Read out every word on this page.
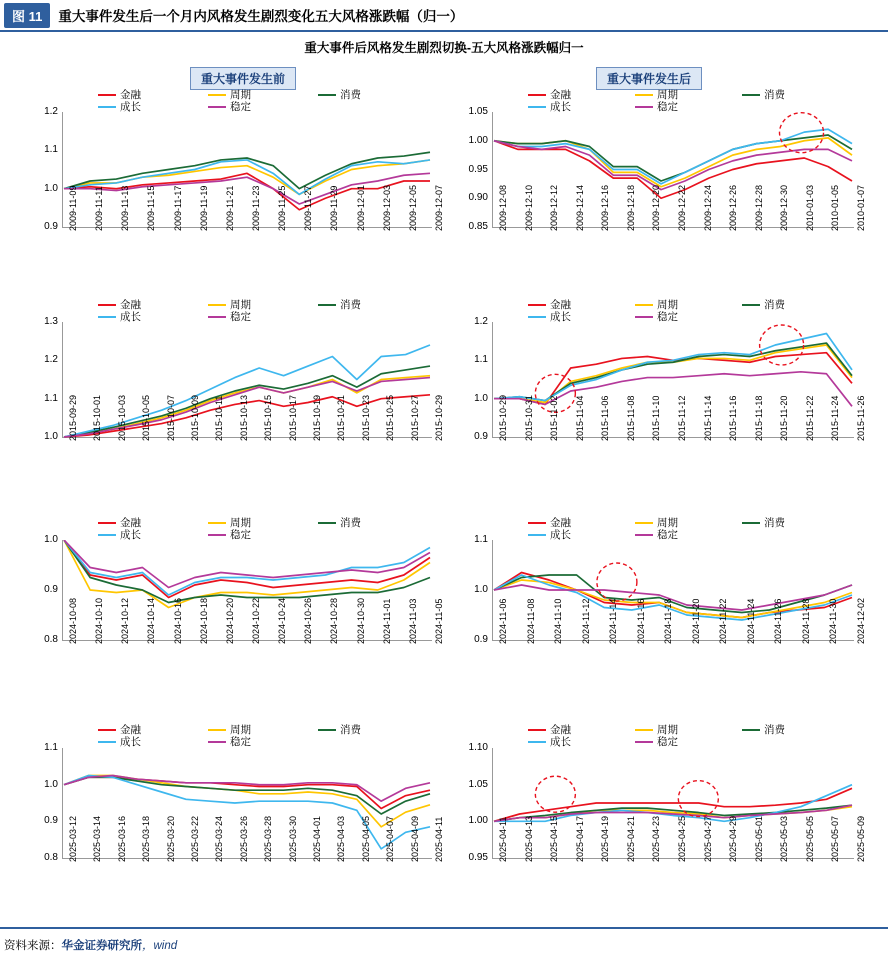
图 11	重大事件发生后一个月内风格发生剧烈变化五大风格涨跌幅（归一）
重大事件后风格发生剧烈切换-五大风格涨跌幅归一
重大事件发生前	重大事件发生后
金融	周期	消费
成长	稳定
0.9
1.0
1.1
1.2
2009-11-09 2009-11-11 2009-11-13 2009-11-15 2009-11-17 2009-11-19 2009-11-21 2009-11-23 2009-11-25 2009-11-27 2009-11-29 2009-12-01 2009-12-03 2009-12-05 2009-12-07
金融	周期	消费
成长	稳定
0.85
0.90
0.95
1.00
1.05
2009-12-08 2009-12-10 2009-12-12 2009-12-14 2009-12-16 2009-12-18 2009-12-20 2009-12-22 2009-12-24 2009-12-26 2009-12-28 2009-12-30 2010-01-03 2010-01-05 2010-01-07
金融	周期	消费
成长	稳定
1.0
1.1
1.2
1.3
2015-09-29 2015-10-01 2015-10-03 2015-10-05 2015-10-07 2015-10-09 2015-10-11 2015-10-13 2015-10-15 2015-10-17 2015-10-19 2015-10-21 2015-10-23 2015-10-25 2015-10-27 2015-10-29
金融	周期	消费
成长	稳定
0.9
1.0
1.1
1.2
2015-10-29 2015-10-31 2015-11-02 2015-11-04 2015-11-06 2015-11-08 2015-11-10 2015-11-12 2015-11-14 2015-11-16 2015-11-18 2015-11-20 2015-11-22 2015-11-24 2015-11-26
金融	周期	消费
成长	稳定
0.8
0.9
1.0
2024-10-08 2024-10-10 2024-10-12 2024-10-14 2024-10-16 2024-10-18 2024-10-20 2024-10-22 2024-10-24 2024-10-26 2024-10-28 2024-10-30 2024-11-01 2024-11-03 2024-11-05
金融	周期	消费
成长	稳定
0.9
1.0
1.1
2024-11-06 2024-11-08 2024-11-10 2024-11-12 2024-11-14 2024-11-16 2024-11-18 2024-11-20 2024-11-22 2024-11-24 2024-11-26 2024-11-28 2024-11-30 2024-12-02
金融	周期	消费
成长	稳定
0.8
0.9
1.0
1.1
2025-03-12 2025-03-14 2025-03-16 2025-03-18 2025-03-20 2025-03-22 2025-03-24 2025-03-26 2025-03-28 2025-03-30 2025-04-01 2025-04-03 2025-04-05 2025-04-07 2025-04-09 2025-04-11
金融	周期	消费
成长	稳定
0.95
1.00
1.05
1.10
2025-04-11 2025-04-13 2025-04-15 2025-04-17 2025-04-19 2025-04-21 2025-04-23 2025-04-25 2025-04-27 2025-04-29 2025-05-01 2025-05-03 2025-05-05 2025-05-07 2025-05-09
资料来源：华金证券研究所，wind
